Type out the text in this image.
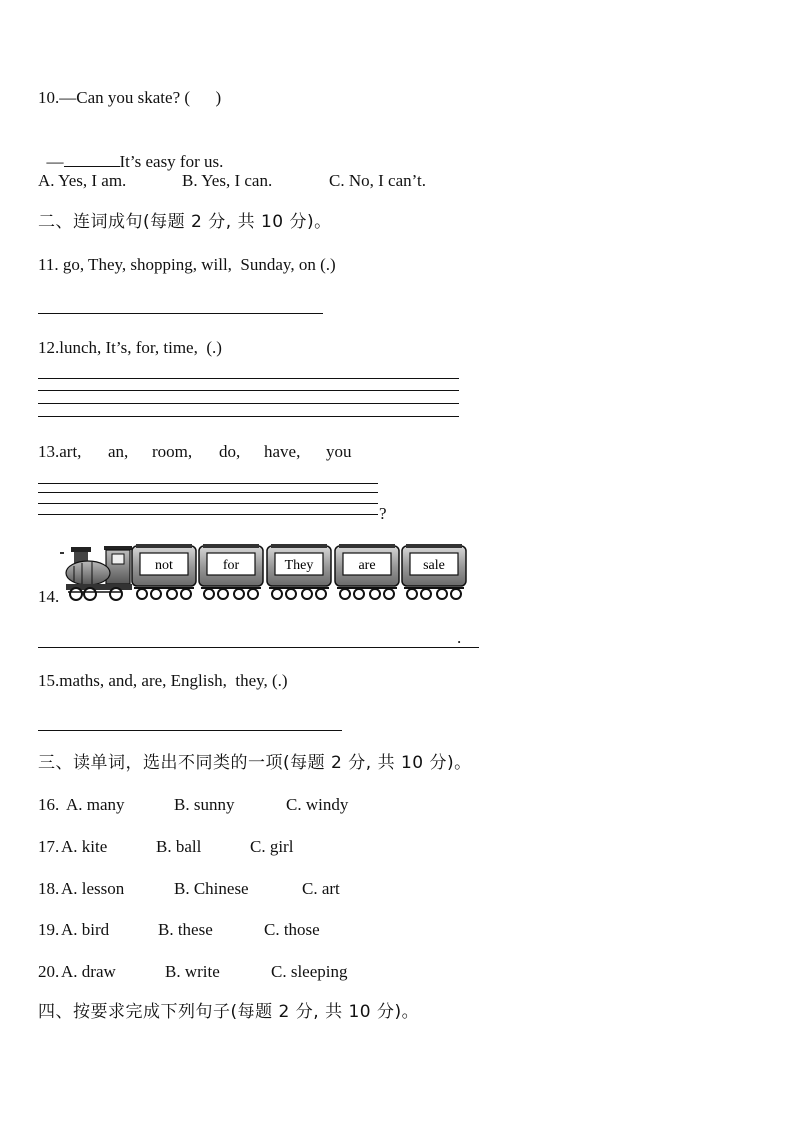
10.—Can you skate? (      )

—	It’s easy for us.

A. Yes, I am.	B. Yes, I can.	C. No, I can’t.
二、连词成句(每题 2 分, 共 10 分)。
11. go, They, shopping, will,  Sunday, on (.)
12.lunch, It’s, for, time,  (.)
13.art, an, room, do, have, you
?
14.
not	for	They	are	sale
.
15.maths, and, are, English,  they, (.)
三、读单词，选出不同类的一项(每题 2 分, 共 10 分)。
16. A. many	B. sunny	C. windy
17. A. kite	B. ball	C. girl
18. A. lesson	B. Chinese	C. art
19. A. bird	B. these	C. those
20. A. draw	B. write	C. sleeping
四、按要求完成下列句子(每题 2 分, 共 10 分)。
